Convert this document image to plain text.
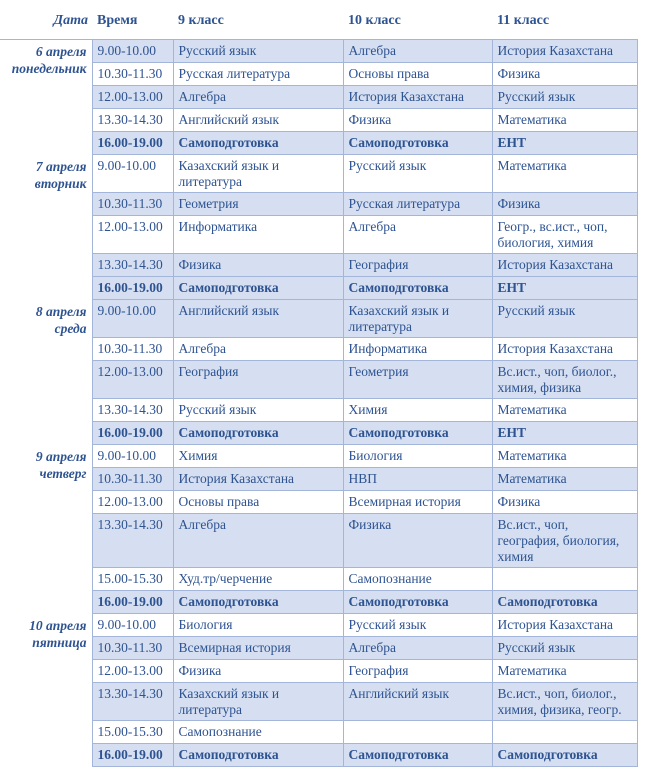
Дата	Время	9 класс	10 класс	11 класс

6 апреля
понедельник	9.00-10.00	Русский язык	Алгебра	История Казахстана
	10.30-11.30	Русская литература	Основы права	Физика
	12.00-13.00	Алгебра	История Казахстана	Русский язык
	13.30-14.30	Английский язык	Физика	Математика
	16.00-19.00	Самоподготовка	Самоподготовка	ЕНТ

7 апреля
вторник	9.00-10.00	Казахский язык и литература	Русский язык	Математика
	10.30-11.30	Геометрия	Русская литература	Физика
	12.00-13.00	Информатика	Алгебра	Геогр., вс.ист., чоп, биология, химия
	13.30-14.30	Физика	География	История Казахстана
	16.00-19.00	Самоподготовка	Самоподготовка	ЕНТ

8 апреля
среда	9.00-10.00	Английский язык	Казахский язык и литература	Русский язык
	10.30-11.30	Алгебра	Информатика	История Казахстана
	12.00-13.00	География	Геометрия	Вс.ист., чоп, биолог., химия, физика
	13.30-14.30	Русский язык	Химия	Математика
	16.00-19.00	Самоподготовка	Самоподготовка	ЕНТ

9 апреля
четверг	9.00-10.00	Химия	Биология	Математика
	10.30-11.30	История Казахстана	НВП	Математика
	12.00-13.00	Основы права	Всемирная история	Физика
	13.30-14.30	Алгебра	Физика	Вс.ист., чоп, география, биология, химия
	15.00-15.30	Худ.тр/черчение	Самопознание	
	16.00-19.00	Самоподготовка	Самоподготовка	Самоподготовка

10 апреля
пятница	9.00-10.00	Биология	Русский язык	История Казахстана
	10.30-11.30	Всемирная история	Алгебра	Русский язык
	12.00-13.00	Физика	География	Математика
	13.30-14.30	Казахский язык и литература	Английский язык	Вс.ист., чоп, биолог., химия, физика, геогр.
	15.00-15.30	Самопознание		
	16.00-19.00	Самоподготовка	Самоподготовка	Самоподготовка
